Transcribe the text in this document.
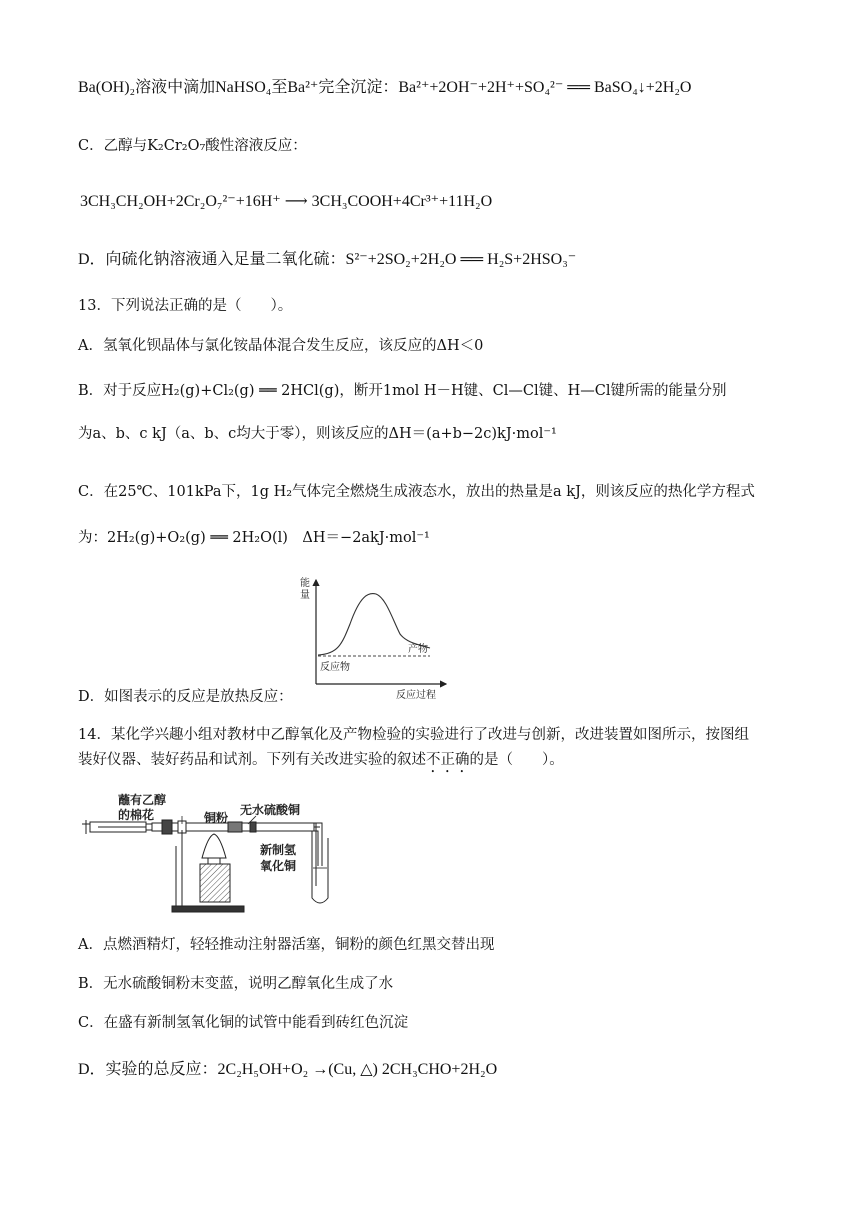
Ba(OH)₂溶液中滴加NaHSO₄至Ba²⁺完全沉淀：Ba²⁺+2OH⁻+2H⁺+SO₄²⁻ ══ BaSO₄↓+2H₂O
C．乙醇与K₂Cr₂O₇酸性溶液反应：
3CH₃CH₂OH+2Cr₂O₇²⁻+16H⁺ ⟶ 3CH₃COOH+4Cr³⁺+11H₂O
D．向硫化钠溶液通入足量二氧化硫：S²⁻+2SO₂+2H₂O ══ H₂S+2HSO₃⁻
13．下列说法正确的是（　　）。
A．氢氧化钡晶体与氯化铵晶体混合发生反应，该反应的ΔH＜0
B．对于反应H₂(g)+Cl₂(g) ══ 2HCl(g)，断开1mol H－H键、Cl—Cl键、H—Cl键所需的能量分别
为a、b、c kJ（a、b、c均大于零），则该反应的ΔH＝(a+b−2c)kJ·mol⁻¹
C．在25℃、101kPa下，1g H₂气体完全燃烧生成液态水，放出的热量是a kJ，则该反应的热化学方程式
为：2H₂(g)+O₂(g) ══ 2H₂O(l)　ΔH＝−2akJ·mol⁻¹
能
量
反应物
产物
反应过程
D．如图表示的反应是放热反应：
14．某化学兴趣小组对教材中乙醇氧化及产物检验的实验进行了改进与创新，改进装置如图所示，按图组
装好仪器、装好药品和试剂。下列有关改进实验的叙述不正确的是（　　）。
蘸有乙醇
的棉花	铜粉
无水硫酸铜
新制氢
氧化铜
A．点燃酒精灯，轻轻推动注射器活塞，铜粉的颜色红黑交替出现
B．无水硫酸铜粉末变蓝，说明乙醇氧化生成了水
C．在盛有新制氢氧化铜的试管中能看到砖红色沉淀
D．实验的总反应：2C₂H₅OH+O₂ →(Cu, △) 2CH₃CHO+2H₂O
